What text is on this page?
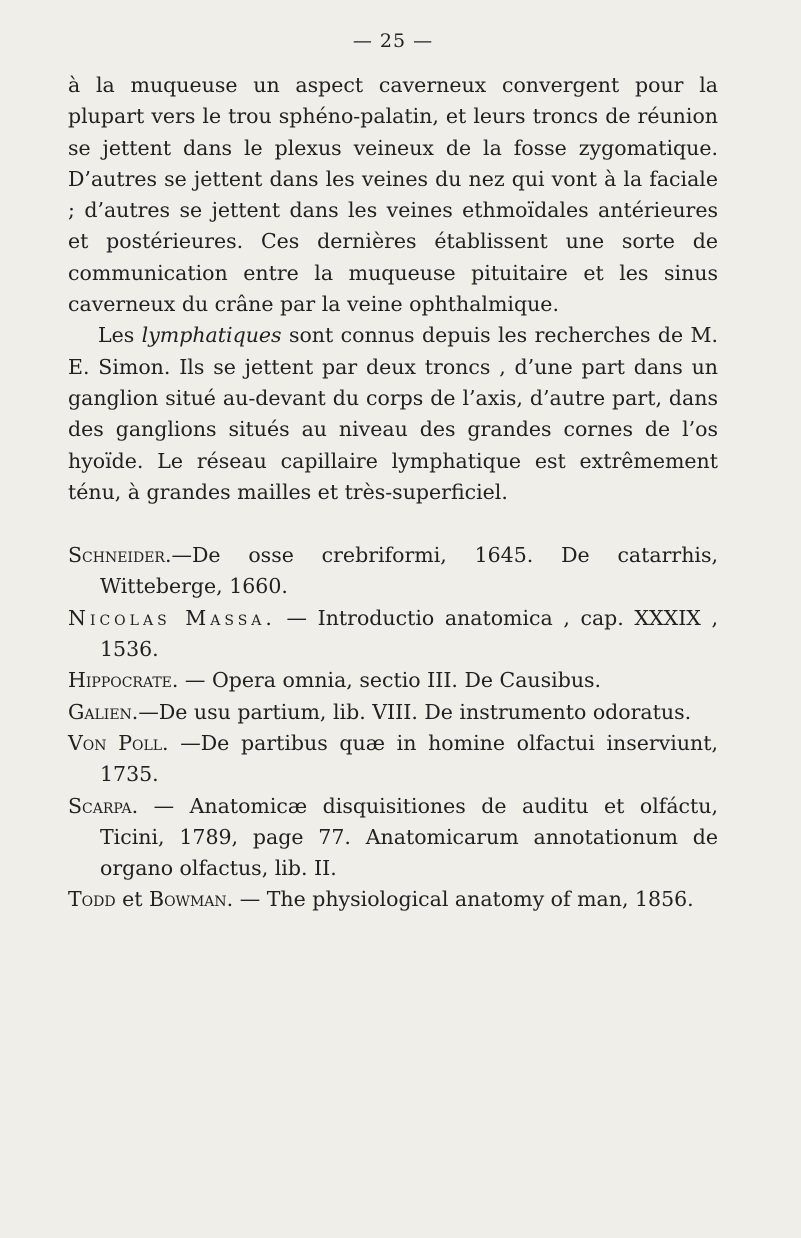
— 25 —

à la muqueuse un aspect caverneux convergent pour la plupart vers le trou sphéno-palatin, et leurs troncs de réunion se jettent dans le plexus veineux de la fosse zygomatique. D’autres se jettent dans les veines du nez qui vont à la faciale ; d’autres se jettent dans les veines ethmoïdales antérieures et postérieures. Ces dernières établissent une sorte de communication entre la muqueuse pituitaire et les sinus caverneux du crâne par la veine ophthalmique.

Les lymphatiques sont connus depuis les recherches de M. E. Simon. Ils se jettent par deux troncs , d’une part dans un ganglion situé au-devant du corps de l’axis, d’autre part, dans des ganglions situés au niveau des grandes cornes de l’os hyoïde. Le réseau capillaire lymphatique est extrêmement ténu, à grandes mailles et très-superficiel.

Schneider.—De osse crebriformi, 1645. De catarrhis, Witteberge, 1660.

Nicolas Massa. — Introductio anatomica , cap. XXXIX , 1536.

Hippocrate. — Opera omnia, sectio III. De Causibus.

Galien.—De usu partium, lib. VIII. De instrumento odoratus.

Von Poll. —De partibus quæ in homine olfactui inserviunt, 1735.

Scarpa. — Anatomicæ disquisitiones de auditu et olfáctu, Ticini, 1789, page 77. Anatomicarum annotationum de organo olfactus, lib. II.

Todd et Bowman. — The physiological anatomy of man, 1856.
